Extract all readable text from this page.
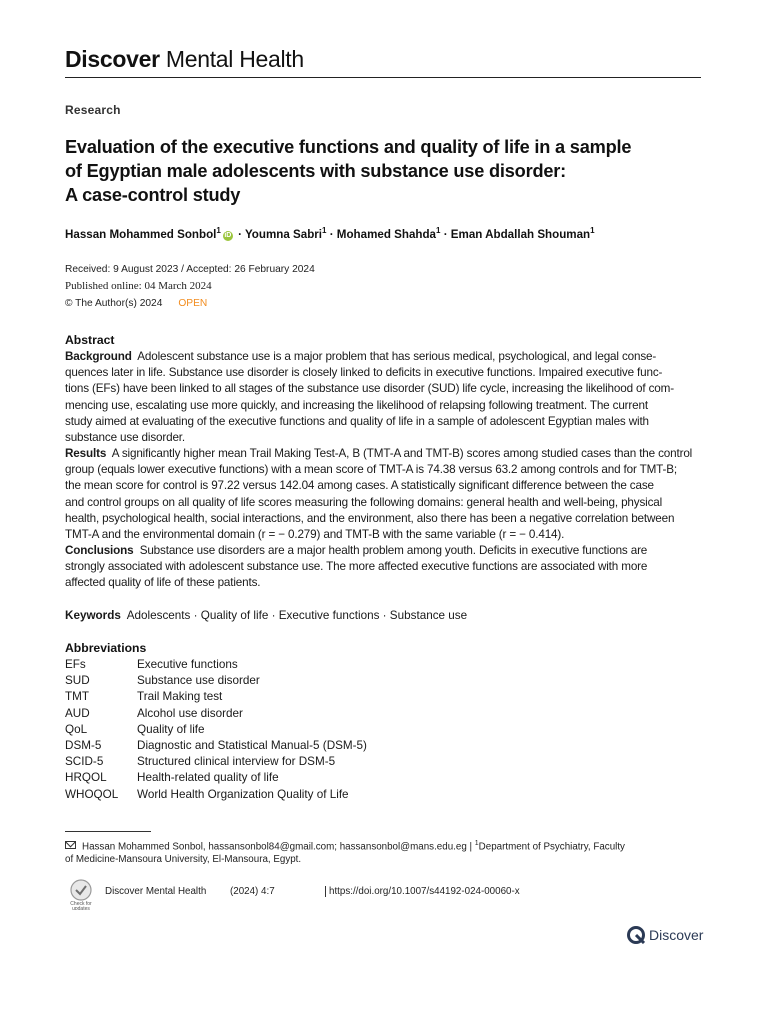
Discover Mental Health
Research
Evaluation of the executive functions and quality of life in a sample
of Egyptian male adolescents with substance use disorder:
A case-control study
Hassan Mohammed Sonbol$^1$iD · Youmna Sabri$^1$ · Mohamed Shahda$^1$ · Eman Abdallah Shouman$^1$
Received: 9 August 2023 / Accepted: 26 February 2024
Published online: 04 March 2024
© The Author(s) 2024 OPEN
Abstract
Background Adolescent substance use is a major problem that has serious medical, psychological, and legal conse-
quences later in life. Substance use disorder is closely linked to deficits in executive functions. Impaired executive func-
tions (EFs) have been linked to all stages of the substance use disorder (SUD) life cycle, increasing the likelihood of com-
mencing use, escalating use more quickly, and increasing the likelihood of relapsing following treatment. The current
study aimed at evaluating of the executive functions and quality of life in a sample of adolescent Egyptian males with
substance use disorder.
Results A significantly higher mean Trail Making Test-A, B (TMT-A and TMT-B) scores among studied cases than the control
group (equals lower executive functions) with a mean score of TMT-A is 74.38 versus 63.2 among controls and for TMT-B;
the mean score for control is 97.22 versus 142.04 among cases. A statistically significant difference between the case
and control groups on all quality of life scores measuring the following domains: general health and well-being, physical
health, psychological health, social interactions, and the environment, also there has been a negative correlation between
TMT-A and the environmental domain (r = − 0.279) and TMT-B with the same variable (r = − 0.414).
Conclusions Substance use disorders are a major health problem among youth. Deficits in executive functions are
strongly associated with adolescent substance use. The more affected executive functions are associated with more
affected quality of life of these patients.
Keywords Adolescents · Quality of life · Executive functions · Substance use
Abbreviations
EFs	Executive functions
SUD	Substance use disorder
TMT	Trail Making test
AUD	Alcohol use disorder
QoL	Quality of life
DSM-5	Diagnostic and Statistical Manual-5 (DSM-5)
SCID-5	Structured clinical interview for DSM-5
HRQOL	Health-related quality of life
WHOQOL	World Health Organization Quality of Life
Hassan Mohammed Sonbol, hassansonbol84@gmail.com; hassansonbol@mans.edu.eg | $^1$Department of Psychiatry, Faculty
of Medicine-Mansoura University, El-Mansoura, Egypt.
Check for
updates
Discover Mental Health (2024) 4:7	https://doi.org/10.1007/s44192-024-00060-x
Discover
